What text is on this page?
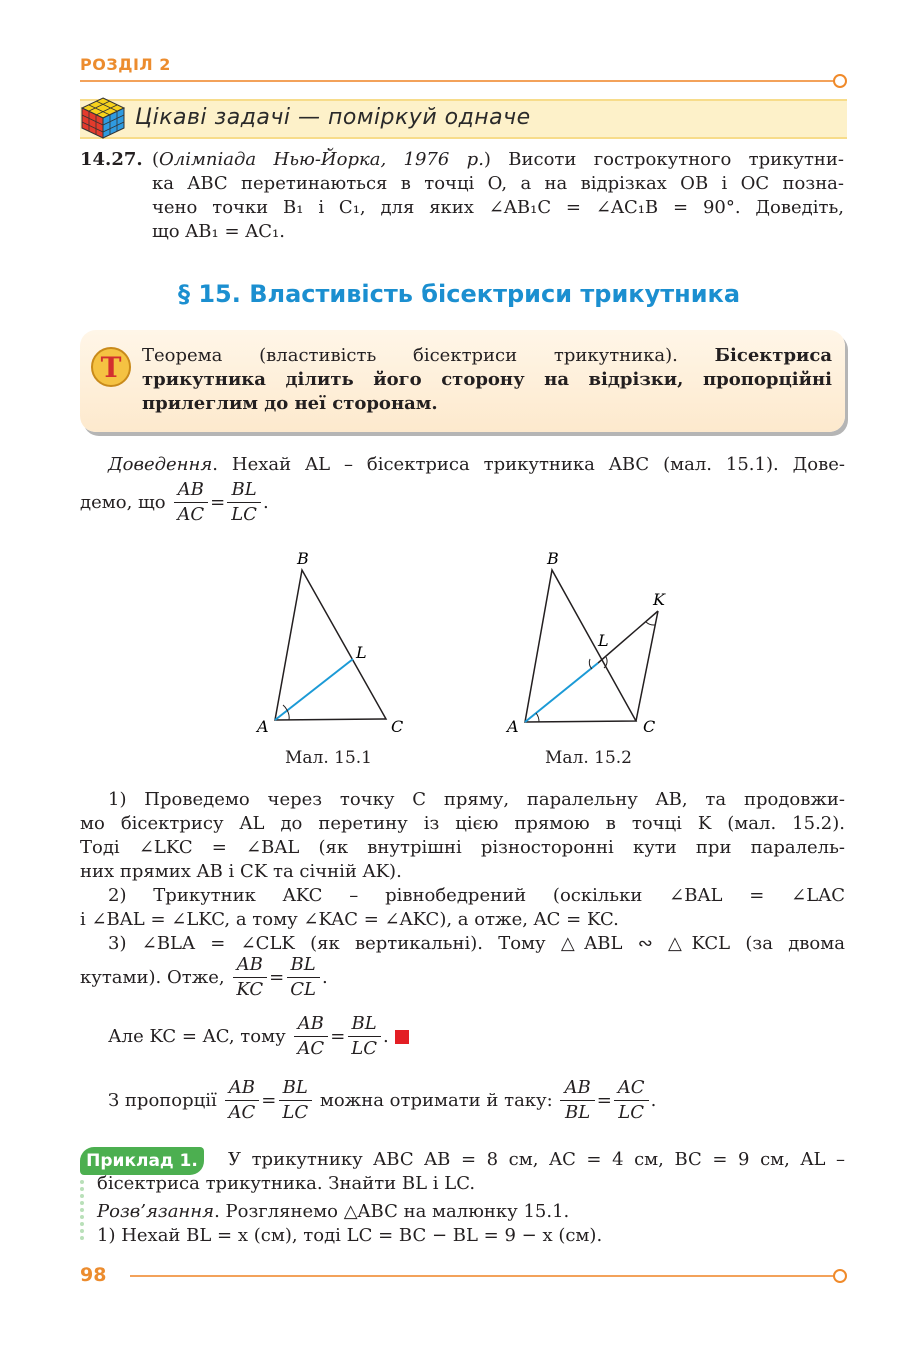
РОЗДІЛ 2
Цікаві задачі — поміркуй одначе
14.27. (Олімпіада Нью-Йорка, 1976 р.) Висоти гострокутного трикутни-
ка ABC перетинаються в точці O, а на відрізках OB і OC позна-
чено точки B₁ і C₁, для яких ∠AB₁C = ∠AC₁B = 90°. Доведіть,
що AB₁ = AC₁.
§ 15. Властивість бісектриси трикутника
T Теорема (властивість бісектриси трикутника). Бісектриса трикутника ділить його сторону на відрізки, пропорційні прилеглим до неї сторонам.
Доведення. Нехай AL – бісектриса трикутника ABC (мал. 15.1). Дове-
демо, що
$\frac{AB}{AC} = \frac{BL}{LC}$ .
B
A	C
L
Мал. 15.1
B
A	C
L
K
Мал. 15.2
1) Проведемо через точку C пряму, паралельну AB, та продовжи-
мо бісектрису AL до перетину із цією прямою в точці K (мал. 15.2).
Тоді ∠LKC = ∠BAL (як внутрішні різносторонні кути при паралель-
них прямих AB і CK та січній AK).
2) Трикутник AKC – рівнобедрений (оскільки ∠BAL = ∠LAC
і ∠BAL = ∠LKC, а тому ∠KAC = ∠AKC), а отже, AC = KC.
3) ∠BLA = ∠CLK (як вертикальні). Тому △ABL ∾ △KCL (за двома
кутами). Отже,
$\frac{AB}{KC} = \frac{BL}{CL}$ .
Але KC = AC, тому
$\frac{AB}{AC} = \frac{BL}{LC}$ .
З пропорції
$\frac{AB}{AC} = \frac{BL}{LC}$
можна отримати й таку:
$\frac{AB}{BL} = \frac{AC}{LC}$ .
Приклад 1.	У трикутнику ABC AB = 8 см, AC = 4 см, BC = 9 см, AL –
бісектриса трикутника. Знайти BL і LC.
Розв’язання. Розглянемо △ABC на малюнку 15.1.
1) Нехай BL = x (см), тоді LC = BC − BL = 9 − x (см).
98
